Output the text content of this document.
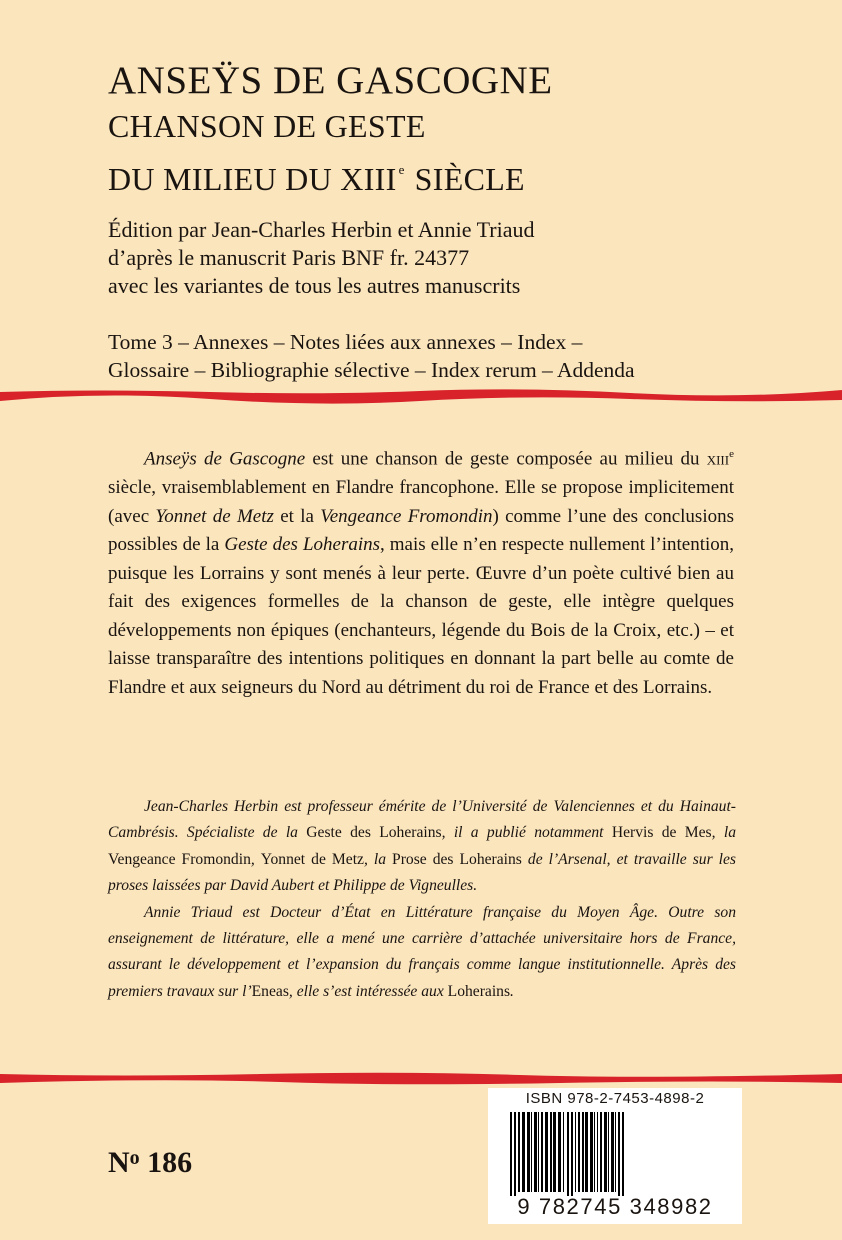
ANSEŸS DE GASCOGNE
CHANSON DE GESTE
DU MILIEU DU XIII $^e$ SIÈCLE
Édition par Jean-Charles Herbin et Annie Triaud
d’après le manuscrit Paris BNF fr. 24377
avec les variantes de tous les autres manuscrits
Tome 3 – Annexes – Notes liées aux annexes – Index –
Glossaire – Bibliographie sélective – Index rerum – Addenda

Anseÿs de Gascogne est une chanson de geste composée au milieu du xiii$^e$ siècle, vraisemblablement en Flandre francophone. Elle se propose implicitement (avec Yonnet de Metz et la Vengeance Fromondin) comme l’une des conclusions possibles de la Geste des Loherains, mais elle n’en respecte nullement l’intention, puisque les Lorrains y sont menés à leur perte. Œuvre d’un poète cultivé bien au fait des exigences formelles de la chanson de geste, elle intègre quelques développements non épiques (enchanteurs, légende du Bois de la Croix, etc.) – et laisse transparaître des intentions politiques en donnant la part belle au comte de Flandre et aux seigneurs du Nord au détriment du roi de France et des Lorrains.

Jean-Charles Herbin est professeur émérite de l’Université de Valenciennes et du Hainaut-Cambrésis. Spécialiste de la Geste des Loherains, il a publié notamment Hervis de Mes, la Vengeance Fromondin, Yonnet de Metz, la Prose des Loherains de l’Arsenal, et travaille sur les proses laissées par David Aubert et Philippe de Vigneulles.

Annie Triaud est Docteur d’État en Littérature française du Moyen Âge. Outre son enseignement de littérature, elle a mené une carrière d’attachée universitaire hors de France, assurant le développement et l’expansion du français comme langue institutionnelle. Après des premiers travaux sur l’Eneas, elle s’est intéressée aux Loherains.

$N^o$ 186
ISBN 978-2-7453-4898-2
9 782745 348982
